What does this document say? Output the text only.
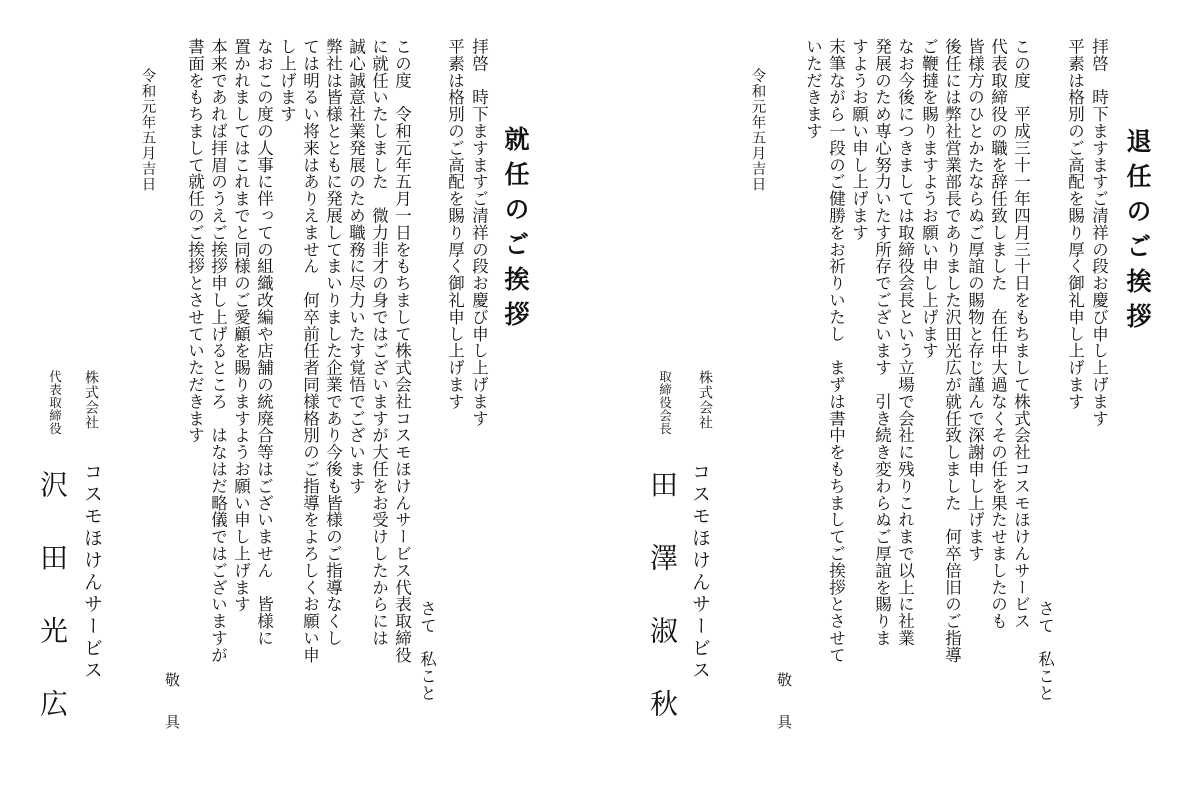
退任のご挨拶
拝啓　時下ますますご清祥の段お慶び申し上げます
平素は格別のご高配を賜り厚く御礼申し上げます
さて　私こと
この度　平成三十一年四月三十日をもちまして株式会社コスモほけんサービス
代表取締役の職を辞任致しました　在任中大過なくその任を果たせましたのも
皆様方のひとかたならぬご厚誼の賜物と存じ謹んで深謝申し上げます
後任には弊社営業部長でありました沢田光広が就任致しました　何卒倍旧のご指導
ご鞭撻を賜りますようお願い申し上げます
なお今後につきましては取締役会長という立場で会社に残りこれまで以上に社業
発展のため専心努力いたす所存でございます　引き続き変わらぬご厚誼を賜りま
すようお願い申し上げます
末筆ながら一段のご健勝をお祈りいたし　まずは書中をもちましてご挨拶とさせて
いただきます
敬　具
令和元年五月吉日
株式会社
取締役会長
コスモほけんサービス
田澤淑秋
就任のご挨拶
拝啓　時下ますますご清祥の段お慶び申し上げます
平素は格別のご高配を賜り厚く御礼申し上げます
さて　私こと
この度　令和元年五月一日をもちまして株式会社コスモほけんサービス代表取締役
に就任いたしました　微力非才の身ではございますが大任をお受けしたからには
誠心誠意社業発展のため職務に尽力いたす覚悟でございます
弊社は皆様とともに発展してまいりました企業であり今後も皆様のご指導なくし
ては明るい将来はありえません　何卒前任者同様格別のご指導をよろしくお願い申
し上げます
なおこの度の人事に伴っての組織改編や店舗の統廃合等はございません　皆様に
置かれましてはこれまでと同様のご愛顧を賜りますようお願い申し上げます
本来であれば拝眉のうえご挨拶申し上げるところ　はなはだ略儀ではございますが
書面をもちまして就任のご挨拶とさせていただきます
敬　具
令和元年五月吉日
株式会社
代表取締役
コスモほけんサービス
沢田光広
